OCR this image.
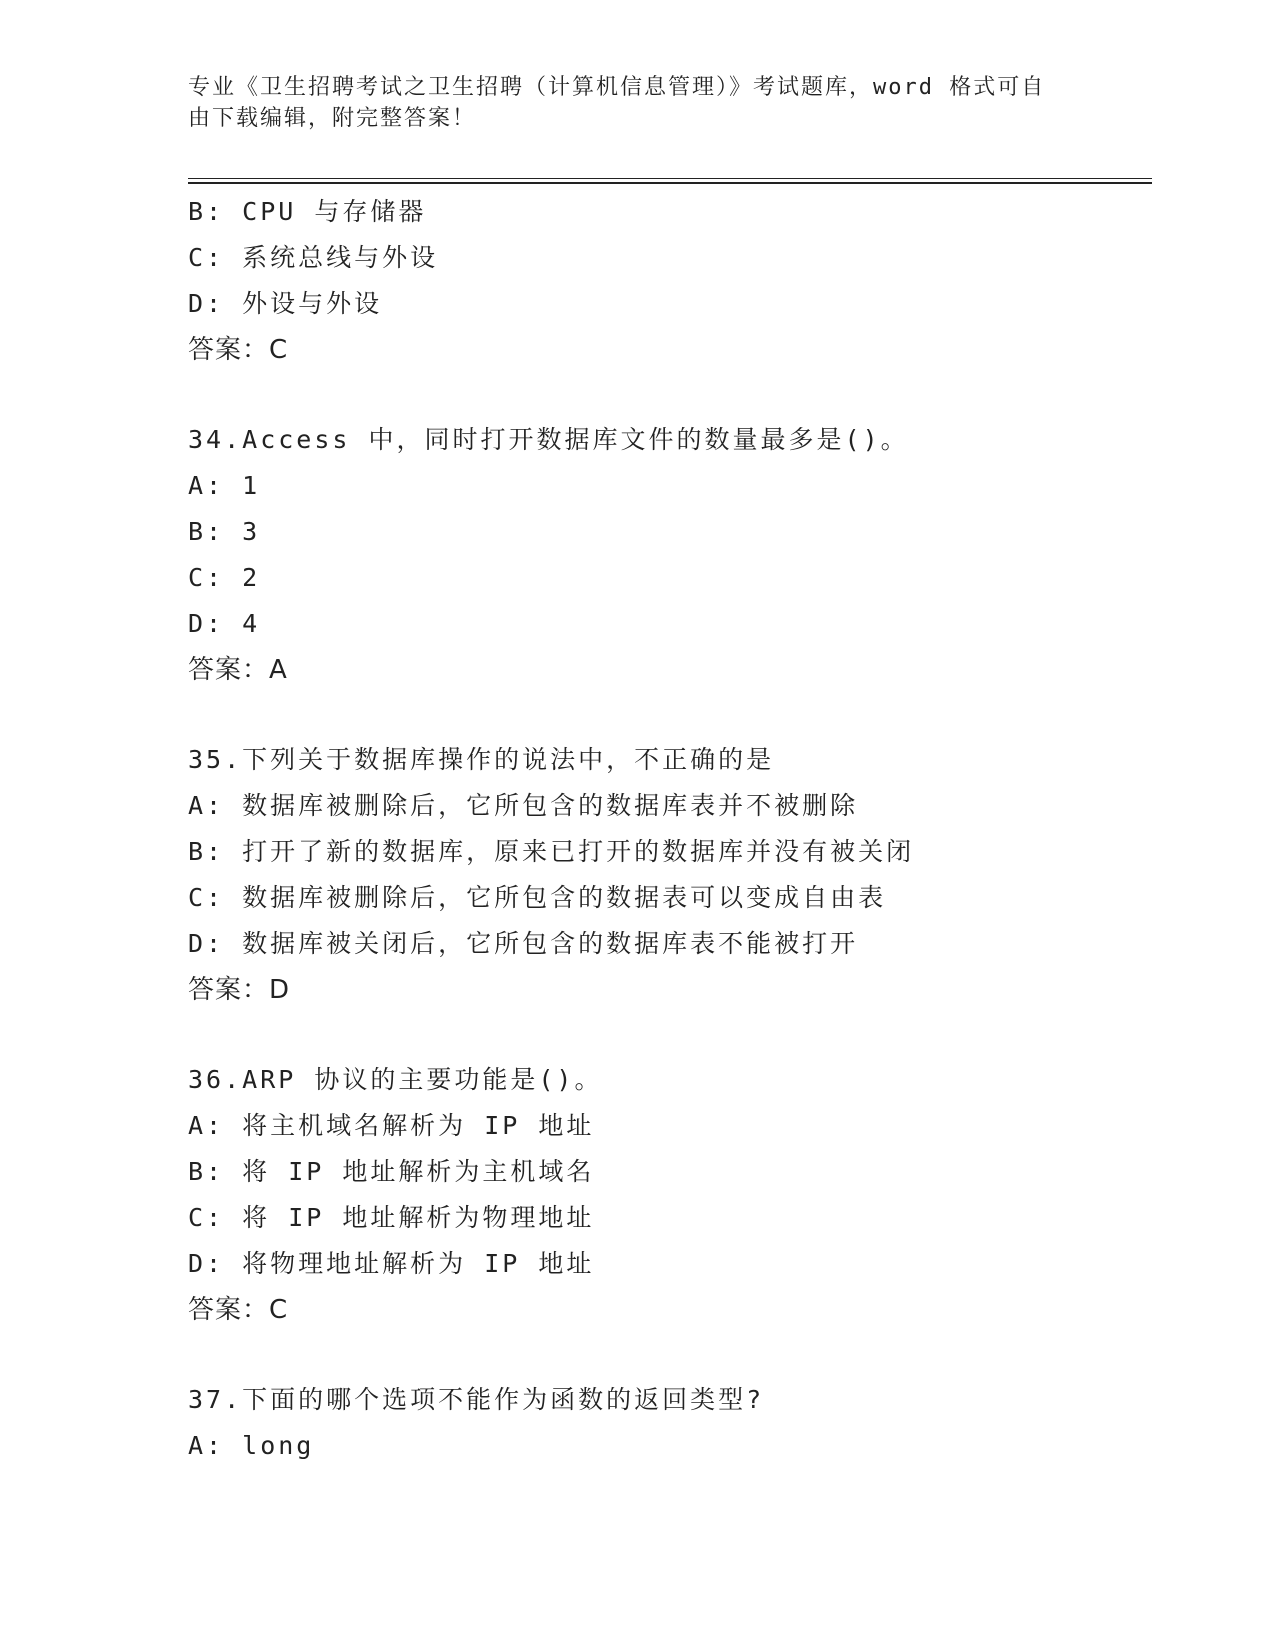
专业《卫生招聘考试之卫生招聘（计算机信息管理）》考试题库，word 格式可自
由下载编辑，附完整答案！
B: CPU 与存储器
C: 系统总线与外设
D: 外设与外设
答案：C
34.Access 中，同时打开数据库文件的数量最多是()。
A: 1
B: 3
C: 2
D: 4
答案：A
35.下列关于数据库操作的说法中，不正确的是
A: 数据库被删除后，它所包含的数据库表并不被删除
B: 打开了新的数据库，原来已打开的数据库并没有被关闭
C: 数据库被删除后，它所包含的数据表可以变成自由表
D: 数据库被关闭后，它所包含的数据库表不能被打开
答案：D
36.ARP 协议的主要功能是()。
A: 将主机域名解析为 IP 地址
B: 将 IP 地址解析为主机域名
C: 将 IP 地址解析为物理地址
D: 将物理地址解析为 IP 地址
答案：C
37.下面的哪个选项不能作为函数的返回类型?
A: long
